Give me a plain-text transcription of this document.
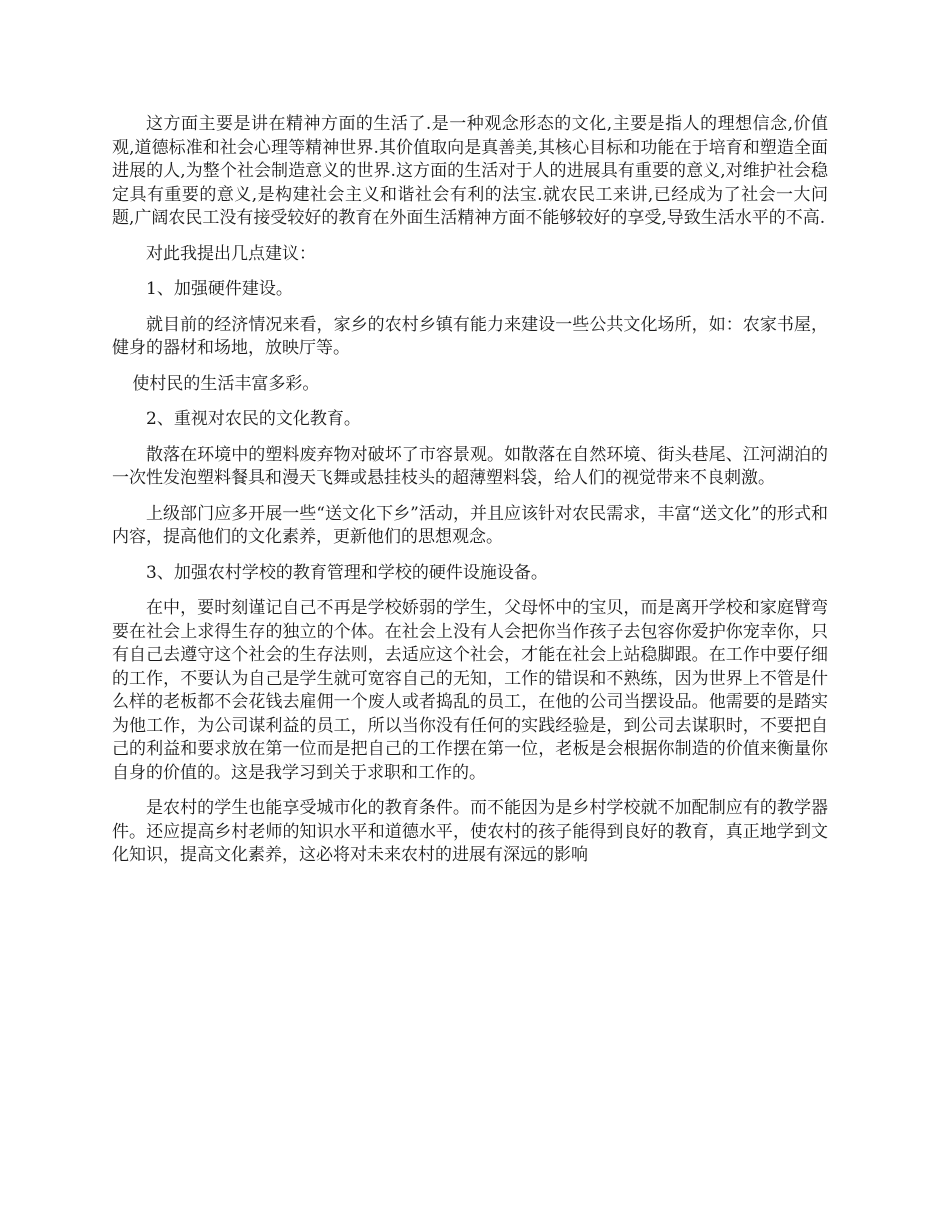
这方面主要是讲在精神方面的生活了.是一种观念形态的文化,主要是指人的理想信念,价值观,道德标准和社会心理等精神世界.其价值取向是真善美,其核心目标和功能在于培育和塑造全面进展的人,为整个社会制造意义的世界.这方面的生活对于人的进展具有重要的意义,对维护社会稳定具有重要的意义,是构建社会主义和谐社会有利的法宝.就农民工来讲,已经成为了社会一大问题,广阔农民工没有接受较好的教育在外面生活精神方面不能够较好的享受,导致生活水平的不高.

对此我提出几点建议：

1、加强硬件建设。

就目前的经济情况来看，家乡的农村乡镇有能力来建设一些公共文化场所，如：农家书屋，健身的器材和场地，放映厅等。

使村民的生活丰富多彩。

2、重视对农民的文化教育。

散落在环境中的塑料废弃物对破坏了市容景观。如散落在自然环境、街头巷尾、江河湖泊的一次性发泡塑料餐具和漫天飞舞或悬挂枝头的超薄塑料袋，给人们的视觉带来不良刺激。

上级部门应多开展一些“送文化下乡”活动，并且应该针对农民需求，丰富“送文化”的形式和内容，提高他们的文化素养，更新他们的思想观念。

3、加强农村学校的教育管理和学校的硬件设施设备。

在中，要时刻谨记自己不再是学校娇弱的学生，父母怀中的宝贝，而是离开学校和家庭臂弯要在社会上求得生存的独立的个体。在社会上没有人会把你当作孩子去包容你爱护你宠幸你，只有自己去遵守这个社会的生存法则，去适应这个社会，才能在社会上站稳脚跟。在工作中要仔细的工作，不要认为自己是学生就可宽容自己的无知，工作的错误和不熟练，因为世界上不管是什么样的老板都不会花钱去雇佣一个废人或者捣乱的员工，在他的公司当摆设品。他需要的是踏实为他工作，为公司谋利益的员工，所以当你没有任何的实践经验是，到公司去谋职时，不要把自己的利益和要求放在第一位而是把自己的工作摆在第一位，老板是会根据你制造的价值来衡量你自身的价值的。这是我学习到关于求职和工作的。

是农村的学生也能享受城市化的教育条件。而不能因为是乡村学校就不加配制应有的教学器件。还应提高乡村老师的知识水平和道德水平，使农村的孩子能得到良好的教育，真正地学到文化知识，提高文化素养，这必将对未来农村的进展有深远的影响
